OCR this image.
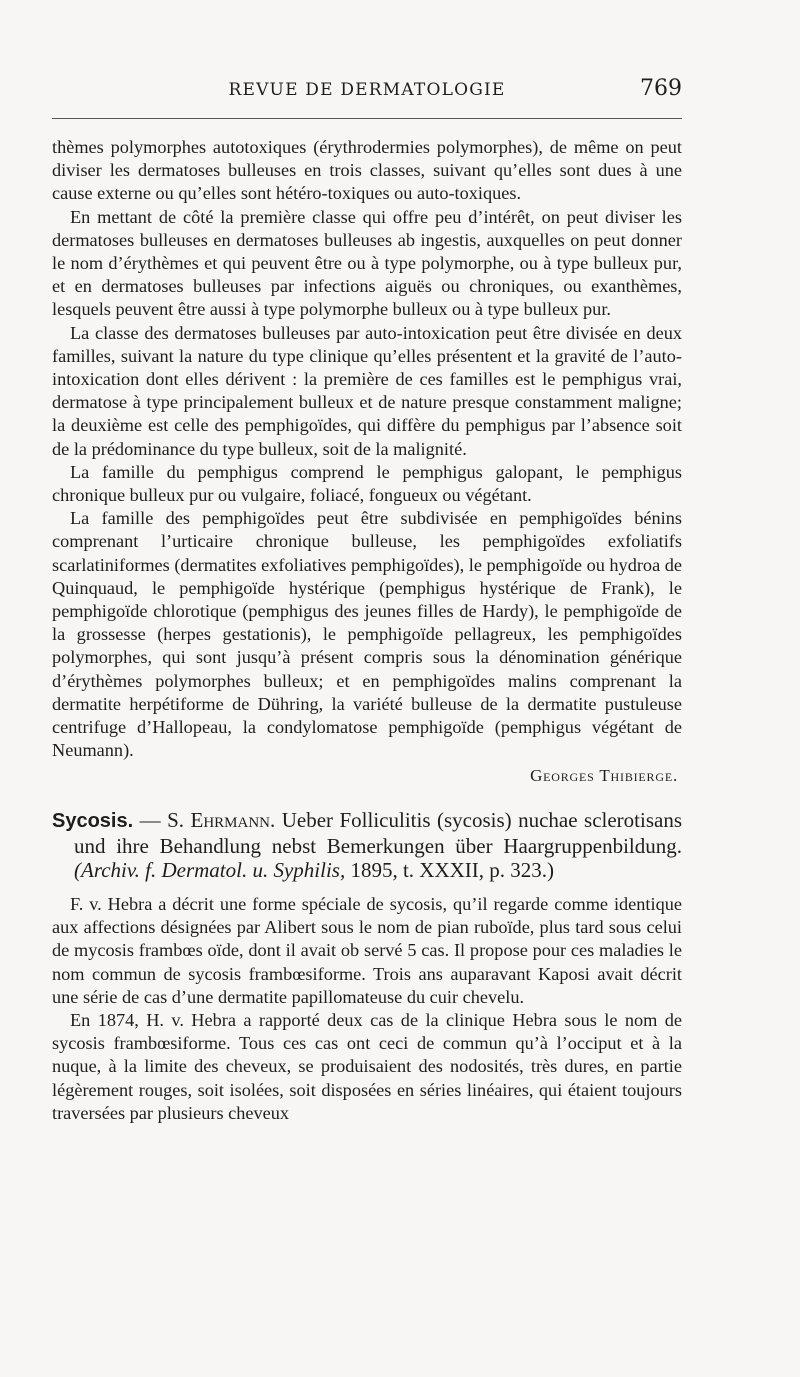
REVUE DE DERMATOLOGIE	769

thèmes polymorphes autotoxiques (érythrodermies polymorphes), de même on peut diviser les dermatoses bulleuses en trois classes, suivant qu’elles sont dues à une cause externe ou qu’elles sont hétéro-toxiques ou auto-toxiques.

En mettant de côté la première classe qui offre peu d’intérêt, on peut diviser les dermatoses bulleuses en dermatoses bulleuses ab ingestis, auxquelles on peut donner le nom d’érythèmes et qui peuvent être ou à type polymorphe, ou à type bulleux pur, et en dermatoses bulleuses par infections aiguës ou chroniques, ou exanthèmes, lesquels peuvent être aussi à type polymorphe bulleux ou à type bulleux pur.

La classe des dermatoses bulleuses par auto-intoxication peut être divisée en deux familles, suivant la nature du type clinique qu’elles présentent et la gravité de l’auto-intoxication dont elles dérivent : la première de ces familles est le pemphigus vrai, dermatose à type principalement bulleux et de nature presque constamment maligne; la deuxième est celle des pemphigoïdes, qui diffère du pemphigus par l’absence soit de la prédominance du type bulleux, soit de la malignité.

La famille du pemphigus comprend le pemphigus galopant, le pemphigus chronique bulleux pur ou vulgaire, foliacé, fongueux ou végétant.

La famille des pemphigoïdes peut être subdivisée en pemphigoïdes bénins comprenant l’urticaire chronique bulleuse, les pemphigoïdes exfoliatifs scarlatiniformes (dermatites exfoliatives pemphigoïdes), le pemphigoïde ou hydroa de Quinquaud, le pemphigoïde hystérique (pemphigus hystérique de Frank), le pemphigoïde chlorotique (pemphigus des jeunes filles de Hardy), le pemphigoïde de la grossesse (herpes gestationis), le pemphigoïde pellagreux, les pemphigoïdes polymorphes, qui sont jusqu’à présent compris sous la dénomination générique d’érythèmes polymorphes bulleux; et en pemphigoïdes malins comprenant la dermatite herpétiforme de Dühring, la variété bulleuse de la dermatite pustuleuse centrifuge d’Hallopeau, la condylomatose pemphigoïde (pemphigus végétant de Neumann).

Georges Thibierge.
Sycosis. — S. Ehrmann. Ueber Folliculitis (sycosis) nuchae sclerotisans und ihre Behandlung nebst Bemerkungen über Haargruppenbildung. (Archiv. f. Dermatol. u. Syphilis, 1895, t. XXXII, p. 323.)

F. v. Hebra a décrit une forme spéciale de sycosis, qu’il regarde comme identique aux affections désignées par Alibert sous le nom de pian ruboïde, plus tard sous celui de mycosis frambœs oïde, dont il avait ob servé 5 cas. Il propose pour ces maladies le nom commun de sycosis frambœsiforme. Trois ans auparavant Kaposi avait décrit une série de cas d’une dermatite papillomateuse du cuir chevelu.

En 1874, H. v. Hebra a rapporté deux cas de la clinique Hebra sous le nom de sycosis frambœsiforme. Tous ces cas ont ceci de commun qu’à l’occiput et à la nuque, à la limite des cheveux, se produisaient des nodosités, très dures, en partie légèrement rouges, soit isolées, soit disposées en séries linéaires, qui étaient toujours traversées par plusieurs cheveux
